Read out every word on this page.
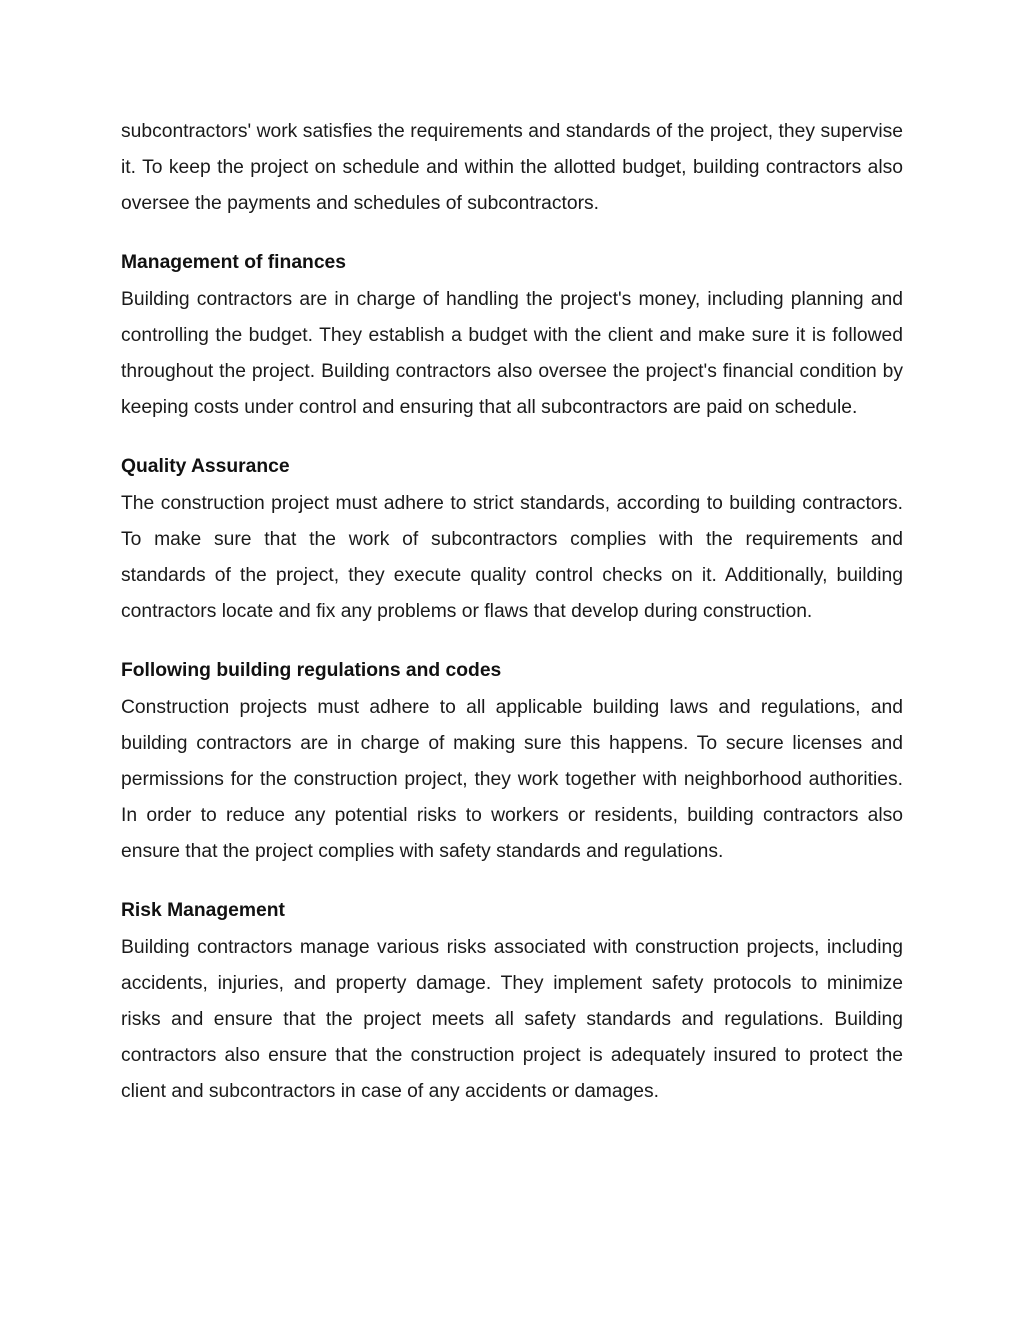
subcontractors' work satisfies the requirements and standards of the project, they supervise it. To keep the project on schedule and within the allotted budget, building contractors also oversee the payments and schedules of subcontractors.

Management of finances

Building contractors are in charge of handling the project's money, including planning and controlling the budget. They establish a budget with the client and make sure it is followed throughout the project. Building contractors also oversee the project's financial condition by keeping costs under control and ensuring that all subcontractors are paid on schedule.

Quality Assurance

The construction project must adhere to strict standards, according to building contractors. To make sure that the work of subcontractors complies with the requirements and standards of the project, they execute quality control checks on it. Additionally, building contractors locate and fix any problems or flaws that develop during construction.

Following building regulations and codes

Construction projects must adhere to all applicable building laws and regulations, and building contractors are in charge of making sure this happens. To secure licenses and permissions for the construction project, they work together with neighborhood authorities. In order to reduce any potential risks to workers or residents, building contractors also ensure that the project complies with safety standards and regulations.

Risk Management

Building contractors manage various risks associated with construction projects, including accidents, injuries, and property damage. They implement safety protocols to minimize risks and ensure that the project meets all safety standards and regulations. Building contractors also ensure that the construction project is adequately insured to protect the client and subcontractors in case of any accidents or damages.
